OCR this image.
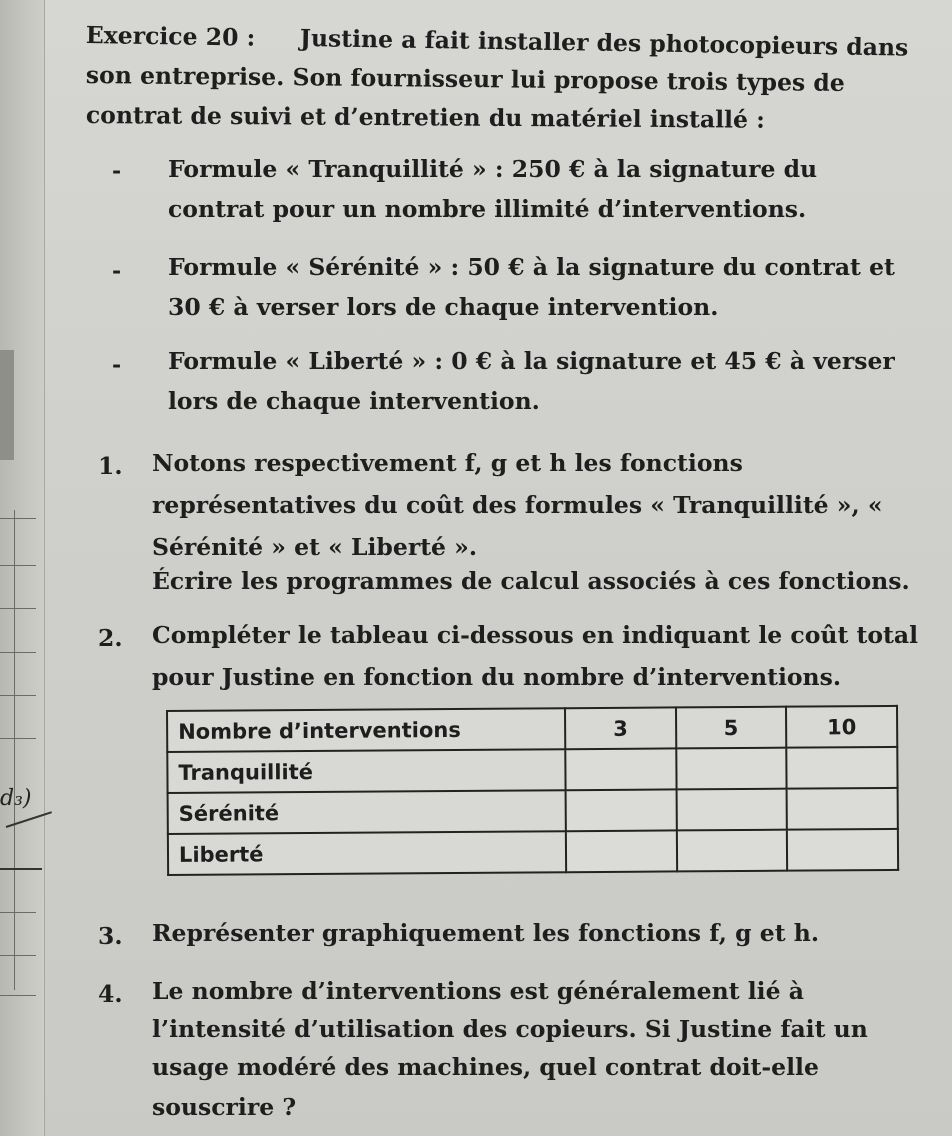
d₃)
Exercice 20 : Justine a fait installer des photocopieurs dans
son entreprise. Son fournisseur lui propose trois types de
contrat de suivi et d’entretien du matériel installé :
- Formule « Tranquillité » : 250 € à la signature du
contrat pour un nombre illimité d’interventions.
- Formule « Sérénité » : 50 € à la signature du contrat et
30 € à verser lors de chaque intervention.
- Formule « Liberté » : 0 € à la signature et 45 € à verser
lors de chaque intervention.
1. Notons respectivement f, g et h les fonctions
représentatives du coût des formules « Tranquillité », «
Sérénité » et « Liberté ».
Écrire les programmes de calcul associés à ces fonctions.
2. Compléter le tableau ci-dessous en indiquant le coût total
pour Justine en fonction du nombre d’interventions.
Nombre d’interventions	3	5	10
Tranquillité			
Sérénité			
Liberté			
3. Représenter graphiquement les fonctions f, g et h.
4. Le nombre d’interventions est généralement lié à
l’intensité d’utilisation des copieurs. Si Justine fait un
usage modéré des machines, quel contrat doit-elle
souscrire ?
